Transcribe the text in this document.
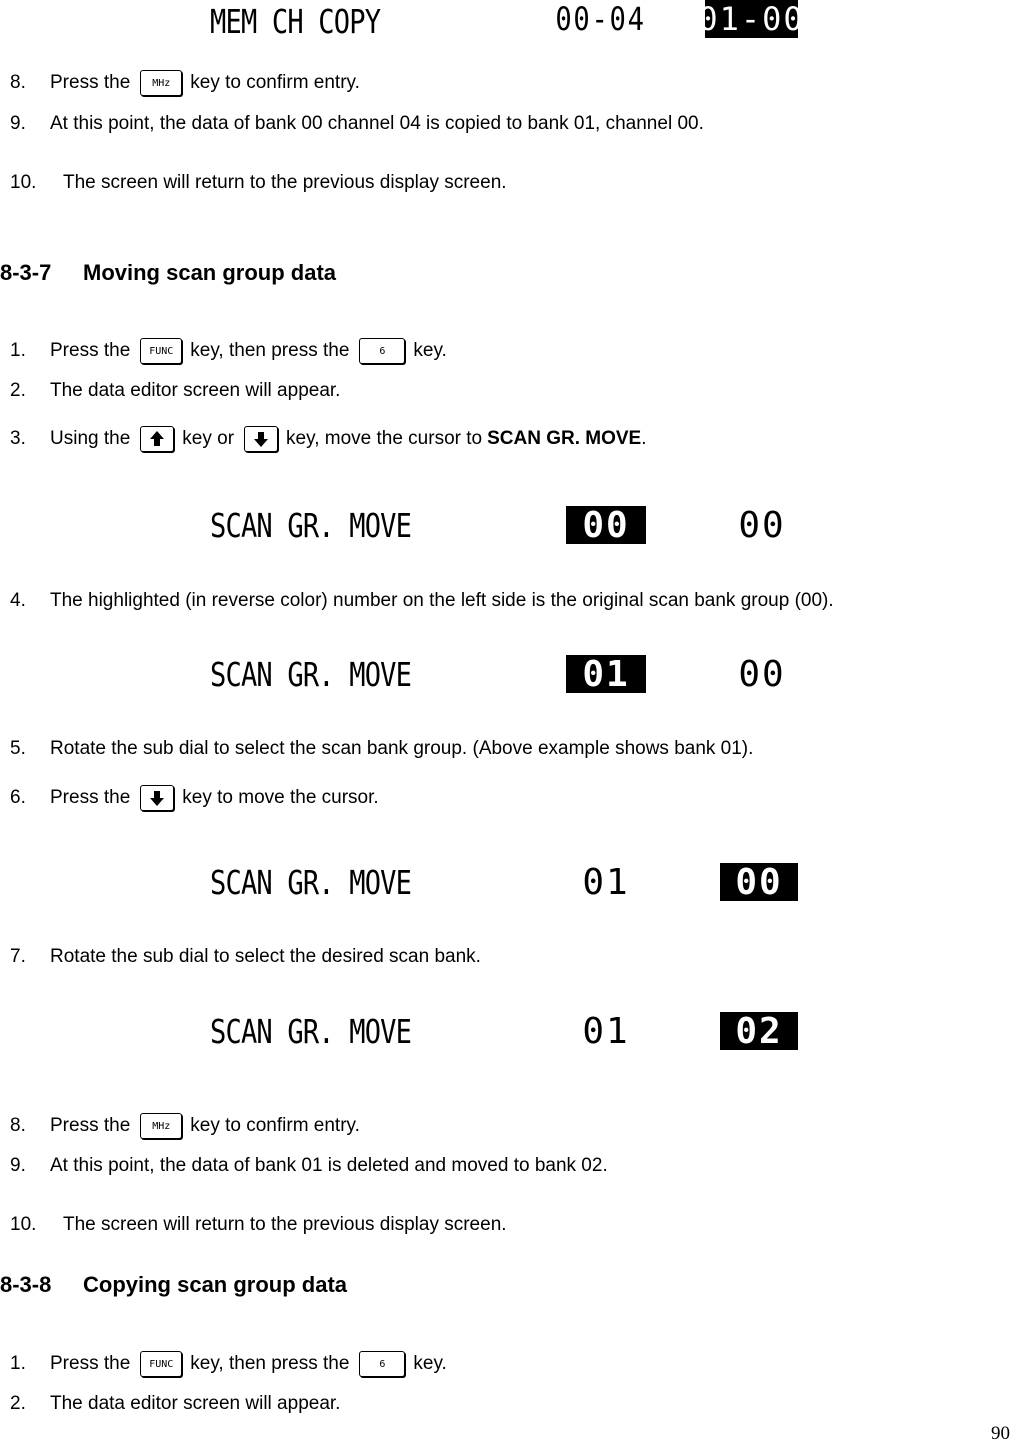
MEM CH COPY	00-04 01-00
8. Press the	MHz	key to confirm entry.
9. At this point, the data of bank 00 channel 04 is copied to bank 01, channel 00.
10. The screen will return to the previous display screen.
8-3-7	Moving scan group data
1. Press the	FUNC key, then press the	6	key.
2. The data editor screen will appear.
3. Using the	key or	key, move the cursor to SCAN GR. MOVE .
SCAN GR. MOVE	00	00
4. The highlighted (in reverse color) number on the left side is the original scan bank group (00).
SCAN GR. MOVE	01	00
5. Rotate the sub dial to select the scan bank group. (Above example shows bank 01).
6. Press the	key to move the cursor.
SCAN GR. MOVE	01	00
7. Rotate the sub dial to select the desired scan bank.
SCAN GR. MOVE	01	02
8. Press the	MHz	key to confirm entry.
9. At this point, the data of bank 01 is deleted and moved to bank 02.
10. The screen will return to the previous display screen.
8-3-8	Copying scan group data
1. Press the	FUNC key, then press the	6	key.
2. The data editor screen will appear.
90
